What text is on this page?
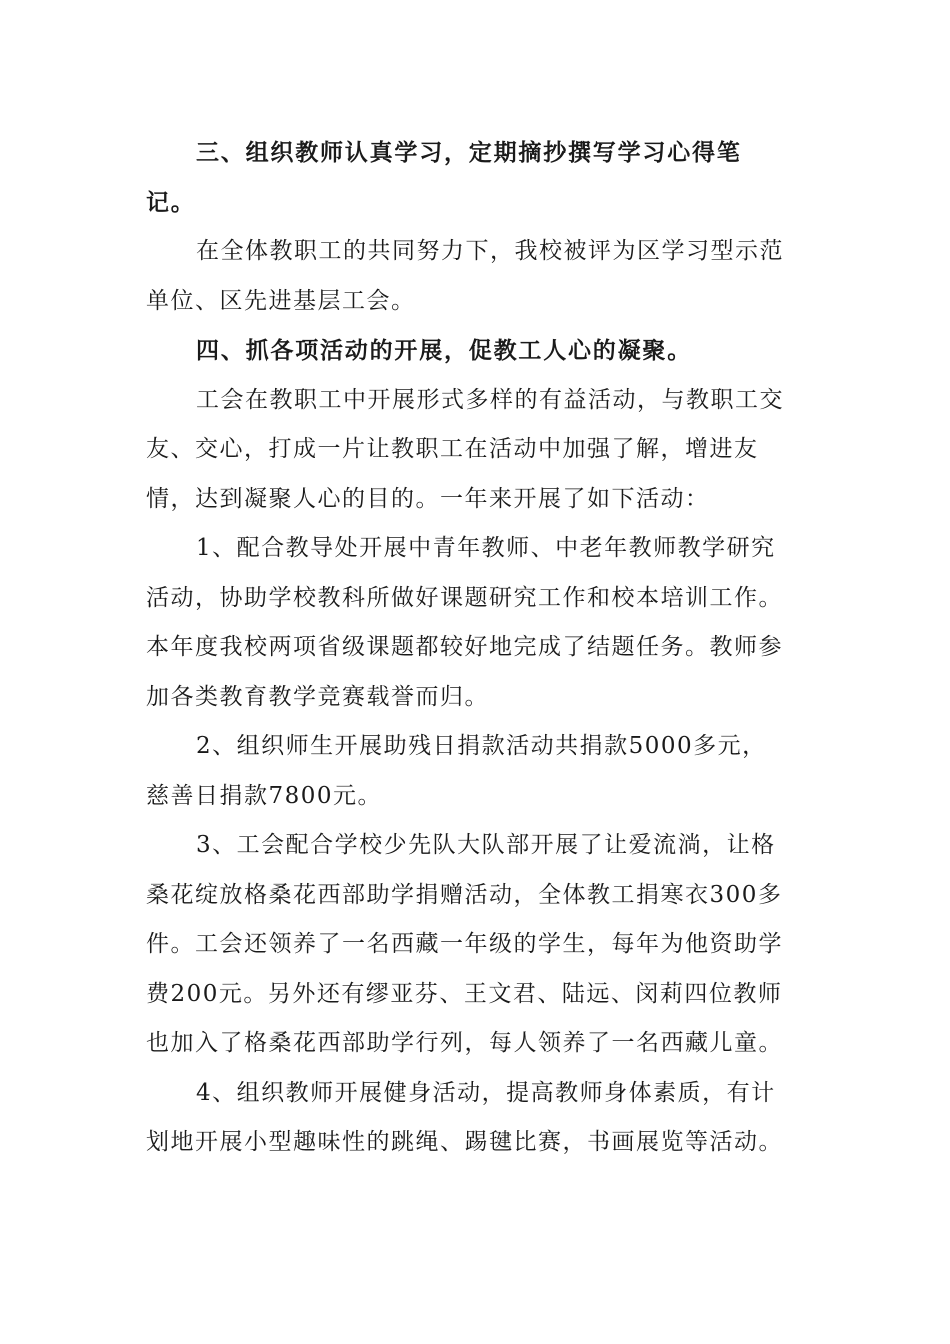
三、组织教师认真学习，定期摘抄撰写学习心得笔记。

在全体教职工的共同努力下，我校被评为区学习型示范单位、区先进基层工会。

四、抓各项活动的开展，促教工人心的凝聚。

工会在教职工中开展形式多样的有益活动，与教职工交友、交心，打成一片让教职工在活动中加强了解，增进友情，达到凝聚人心的目的。一年来开展了如下活动：

1、配合教导处开展中青年教师、中老年教师教学研究活动，协助学校教科所做好课题研究工作和校本培训工作。本年度我校两项省级课题都较好地完成了结题任务。教师参加各类教育教学竞赛载誉而归。

2、组织师生开展助残日捐款活动共捐款5000多元，慈善日捐款7800元。

3、工会配合学校少先队大队部开展了让爱流淌，让格桑花绽放格桑花西部助学捐赠活动，全体教工捐寒衣300多件。工会还领养了一名西藏一年级的学生，每年为他资助学费200元。另外还有缪亚芬、王文君、陆远、闵莉四位教师也加入了格桑花西部助学行列，每人领养了一名西藏儿童。

4、组织教师开展健身活动，提高教师身体素质，有计划地开展小型趣味性的跳绳、踢毽比赛，书画展览等活动。
